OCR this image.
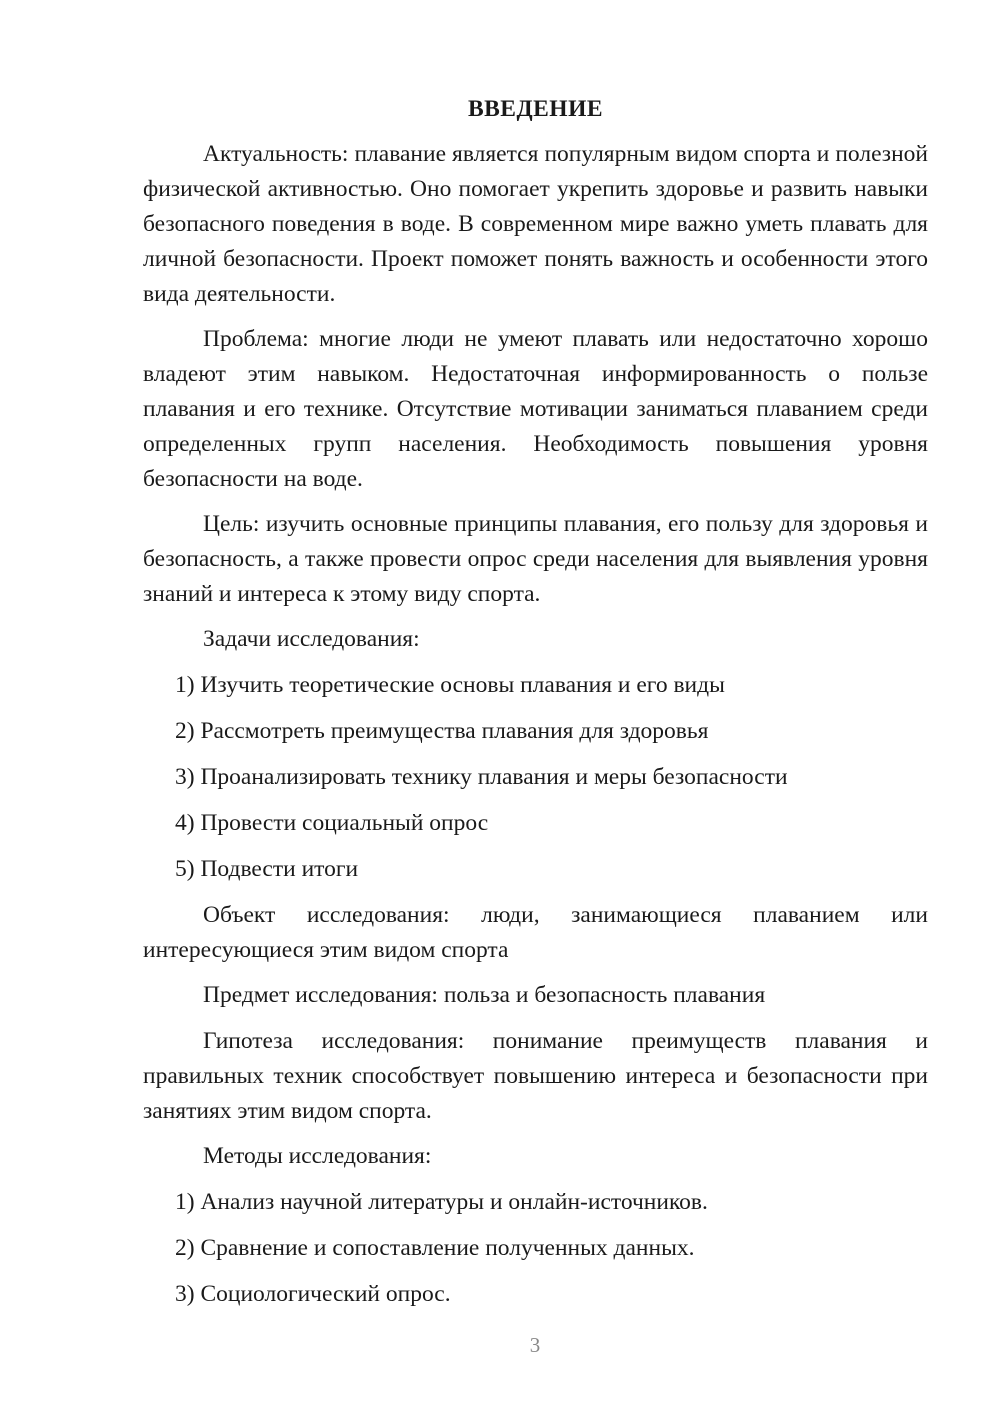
ВВЕДЕНИЕ
Актуальность: плавание является популярным видом спорта и полезной физической активностью. Оно помогает укрепить здоровье и развить навыки безопасного поведения в воде. В современном мире важно уметь плавать для личной безопасности. Проект поможет понять важность и особенности этого вида деятельности.
Проблема: многие люди не умеют плавать или недостаточно хорошо владеют этим навыком. Недостаточная информированность о пользе плавания и его технике. Отсутствие мотивации заниматься плаванием среди определенных групп населения. Необходимость повышения уровня безопасности на воде.
Цель: изучить основные принципы плавания, его пользу для здоровья и безопасность, а также провести опрос среди населения для выявления уровня знаний и интереса к этому виду спорта.
Задачи исследования:
1) Изучить теоретические основы плавания и его виды
2) Рассмотреть преимущества плавания для здоровья
3) Проанализировать технику плавания и меры безопасности
4) Провести социальный опрос
5) Подвести итоги
Объект исследования: люди, занимающиеся плаванием или интересующиеся этим видом спорта
Предмет исследования: польза и безопасность плавания
Гипотеза исследования: понимание преимуществ плавания и правильных техник способствует повышению интереса и безопасности при занятиях этим видом спорта.
Методы исследования:
1) Анализ научной литературы и онлайн-источников.
2) Сравнение и сопоставление полученных данных.
3) Социологический опрос.
3
